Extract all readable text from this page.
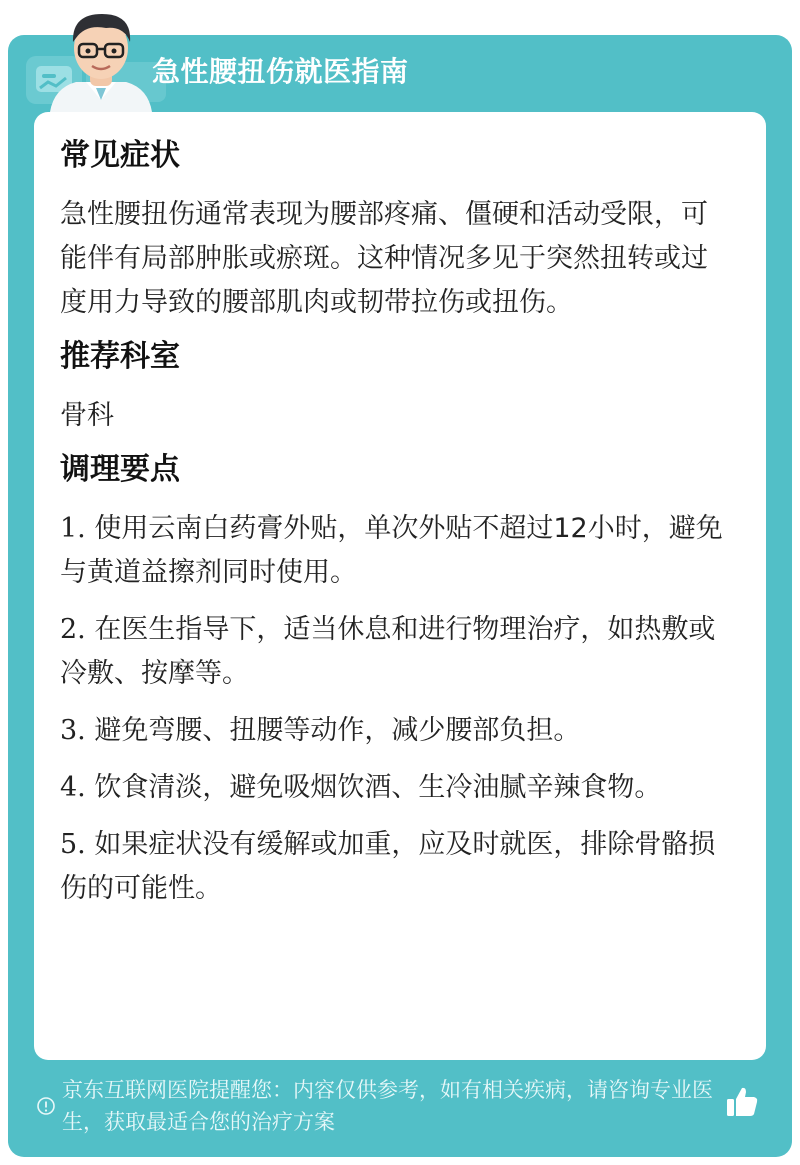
急性腰扭伤就医指南
常见症状
急性腰扭伤通常表现为腰部疼痛、僵硬和活动受限，可能伴有局部肿胀或瘀斑。这种情况多见于突然扭转或过度用力导致的腰部肌肉或韧带拉伤或扭伤。
推荐科室
骨科
调理要点
1. 使用云南白药膏外贴，单次外贴不超过12小时，避免与黄道益擦剂同时使用。
2. 在医生指导下，适当休息和进行物理治疗，如热敷或冷敷、按摩等。
3. 避免弯腰、扭腰等动作，减少腰部负担。
4. 饮食清淡，避免吸烟饮酒、生冷油腻辛辣食物。
5. 如果症状没有缓解或加重，应及时就医，排除骨骼损伤的可能性。
京东互联网医院提醒您：内容仅供参考，如有相关疾病，请咨询专业医生，获取最适合您的治疗方案
